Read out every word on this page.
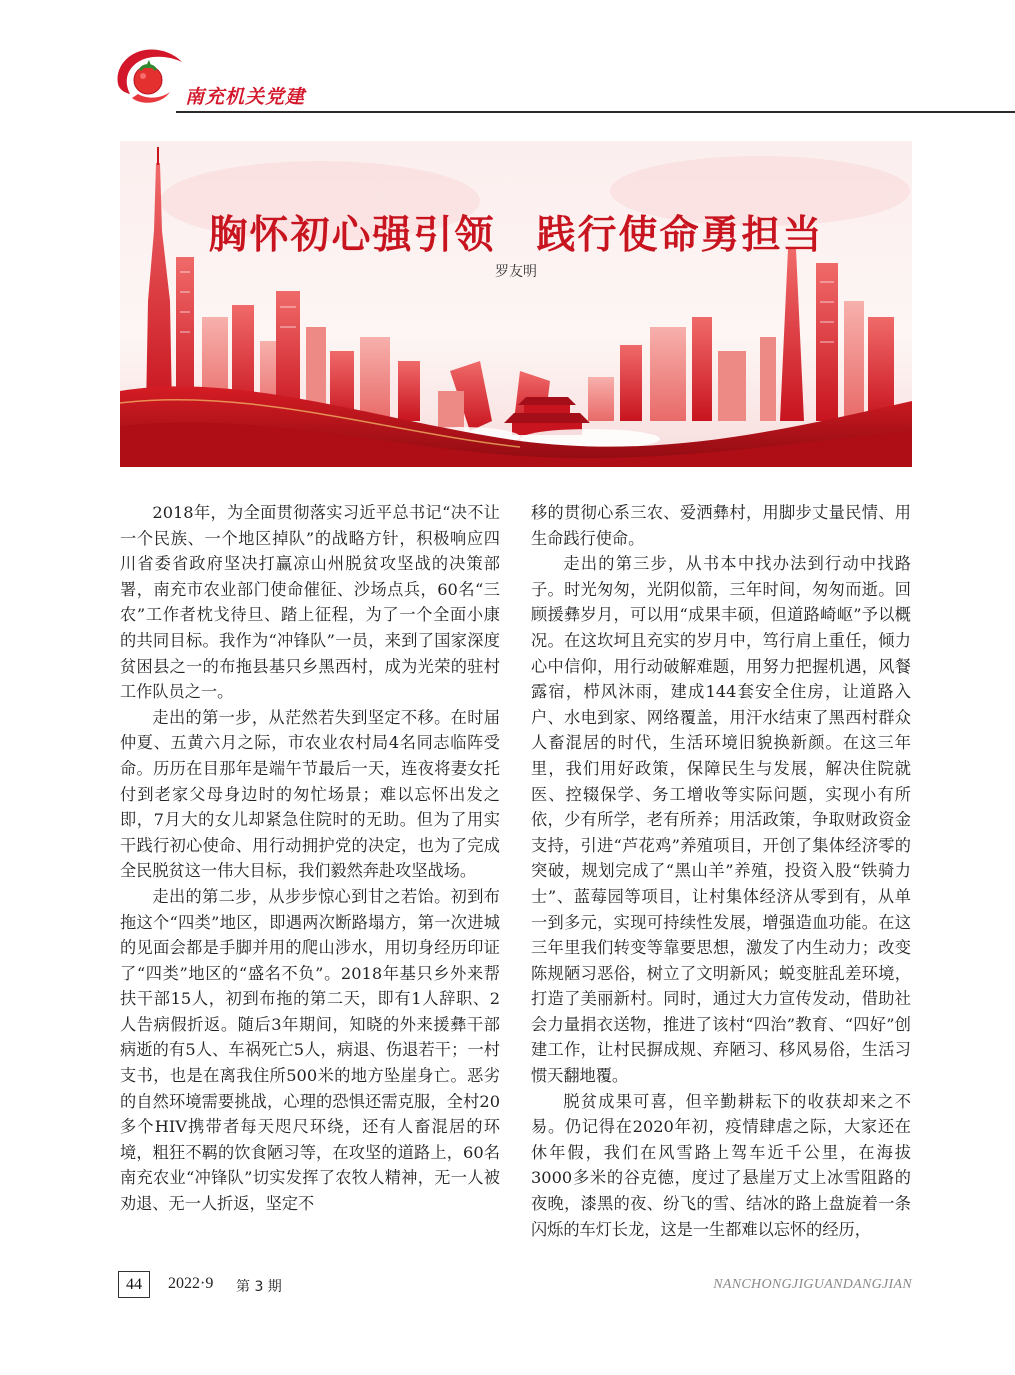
南充机关党建
胸怀初心强引领　践行使命勇担当
罗友明

2018年，为全面贯彻落实习近平总书记“决不让一个民族、一个地区掉队”的战略方针，积极响应四川省委省政府坚决打赢凉山州脱贫攻坚战的决策部署，南充市农业部门使命催征、沙场点兵，60名“三农”工作者枕戈待旦、踏上征程，为了一个全面小康的共同目标。我作为“冲锋队”一员，来到了国家深度贫困县之一的布拖县基只乡黑西村，成为光荣的驻村工作队员之一。

走出的第一步，从茫然若失到坚定不移。在时届仲夏、五黄六月之际，市农业农村局4名同志临阵受命。历历在目那年是端午节最后一天，连夜将妻女托付到老家父母身边时的匆忙场景；难以忘怀出发之即，7月大的女儿却紧急住院时的无助。但为了用实干践行初心使命、用行动拥护党的决定，也为了完成全民脱贫这一伟大目标，我们毅然奔赴攻坚战场。

走出的第二步，从步步惊心到甘之若饴。初到布拖这个“四类”地区，即遇两次断路塌方，第一次进城的见面会都是手脚并用的爬山涉水，用切身经历印证了“四类”地区的“盛名不负”。2018年基只乡外来帮扶干部15人，初到布拖的第二天，即有1人辞职、2人告病假折返。随后3年期间，知晓的外来援彝干部病逝的有5人、车祸死亡5人，病退、伤退若干；一村支书，也是在离我住所500米的地方坠崖身亡。恶劣的自然环境需要挑战，心理的恐惧还需克服，全村20多个HIV携带者每天咫尺环绕，还有人畜混居的环境，粗狂不羁的饮食陋习等，在攻坚的道路上，60名南充农业“冲锋队”切实发挥了农牧人精神，无一人被劝退、无一人折返，坚定不

移的贯彻心系三农、爱洒彝村，用脚步丈量民情、用生命践行使命。

走出的第三步，从书本中找办法到行动中找路子。时光匆匆，光阴似箭，三年时间，匆匆而逝。回顾援彝岁月，可以用“成果丰硕，但道路崎岖”予以概况。在这坎坷且充实的岁月中，笃行肩上重任，倾力心中信仰，用行动破解难题，用努力把握机遇，风餐露宿，栉风沐雨，建成144套安全住房，让道路入户、水电到家、网络覆盖，用汗水结束了黑西村群众人畜混居的时代，生活环境旧貌换新颜。在这三年里，我们用好政策，保障民生与发展，解决住院就医、控辍保学、务工增收等实际问题，实现小有所依，少有所学，老有所养；用活政策，争取财政资金支持，引进“芦花鸡”养殖项目，开创了集体经济零的突破，规划完成了“黑山羊”养殖，投资入股“铁骑力士”、蓝莓园等项目，让村集体经济从零到有，从单一到多元，实现可持续性发展，增强造血功能。在这三年里我们转变等靠要思想，激发了内生动力；改变陈规陋习恶俗，树立了文明新风；蜕变脏乱差环境，打造了美丽新村。同时，通过大力宣传发动，借助社会力量捐衣送物，推进了该村“四治”教育、“四好”创建工作，让村民摒成规、弃陋习、移风易俗，生活习惯天翻地覆。

脱贫成果可喜，但辛勤耕耘下的收获却来之不易。仍记得在2020年初，疫情肆虐之际，大家还在休年假，我们在风雪路上驾车近千公里，在海拔3000多米的谷克德，度过了悬崖万丈上冰雪阻路的夜晚，漆黑的夜、纷飞的雪、结冰的路上盘旋着一条闪烁的车灯长龙，这是一生都难以忘怀的经历，

44	2022·9 第 3 期	NANCHONGJIGUANDANGJIAN
